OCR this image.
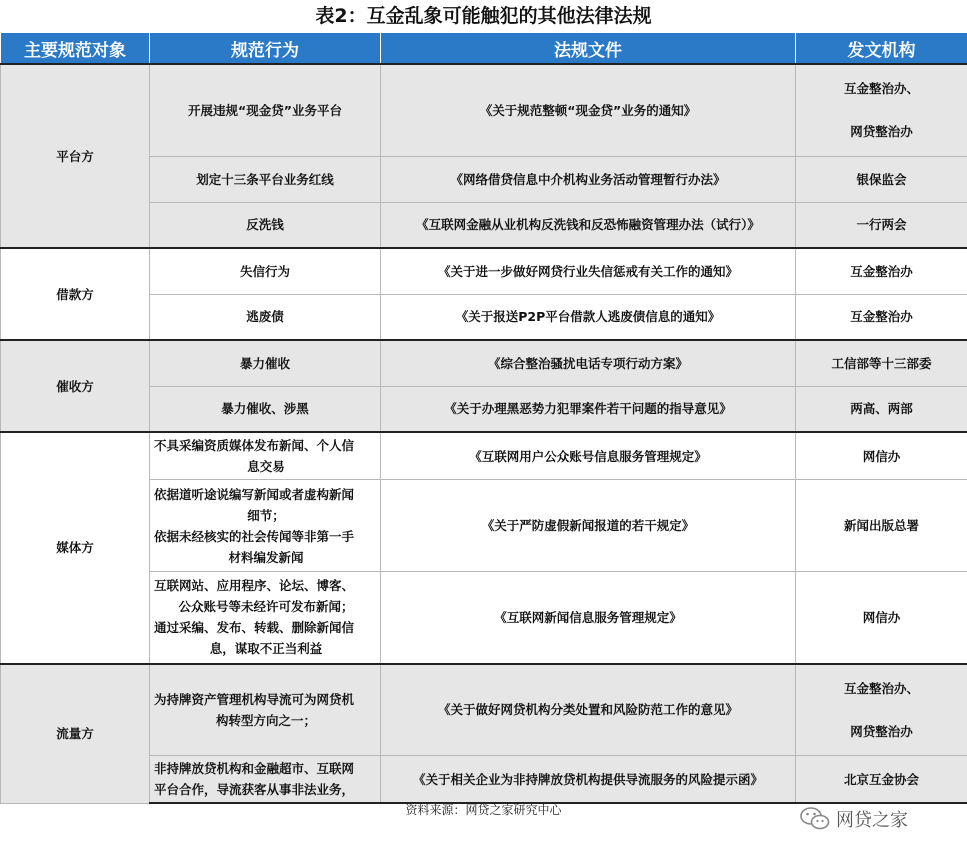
表2：互金乱象可能触犯的其他法律法规
主要规范对象	规范行为	法规文件	发文机构
平台方	开展违规“现金贷”业务平台	《关于规范整顿“现金贷”业务的通知》	互金整治办、
网贷整治办

	划定十三条平台业务红线	《网络借贷信息中介机构业务活动管理暂行办法》	银保监会
	反洗钱	《互联网金融从业机构反洗钱和反恐怖融资管理办法（试行）》	一行两会
借款方	失信行为	《关于进一步做好网贷行业失信惩戒有关工作的通知》	互金整治办
	逃废债	《关于报送P2P平台借款人逃废债信息的通知》	互金整治办
催收方	暴力催收	《综合整治骚扰电话专项行动方案》	工信部等十三部委
	暴力催收、涉黑	《关于办理黑恶势力犯罪案件若干问题的指导意见》	两高、两部
媒体方	不具采编资质媒体发布新闻、个人信
息交易	《互联网用户公众账号信息服务管理规定》	网信办

	依据道听途说编写新闻或者虚构新闻
细节；
依据未经核实的社会传闻等非第一手
材料编发新闻	《关于严防虚假新闻报道的若干规定》	新闻出版总署

	互联网站、应用程序、论坛、博客、
公众账号等未经许可发布新闻；
通过采编、发布、转载、删除新闻信
息，谋取不正当利益	《互联网新闻信息服务管理规定》	网信办
流量方	为持牌资产管理机构导流可为网贷机
构转型方向之一；	《关于做好网贷机构分类处置和风险防范工作的意见》	互金整治办、
网贷整治办

	非持牌放贷机构和金融超市、互联网
平台合作，导流获客从事非法业务，	《关于相关企业为非持牌放贷机构提供导流服务的风险提示函》	北京互金协会
资料来源：网贷之家研究中心	网贷之家
